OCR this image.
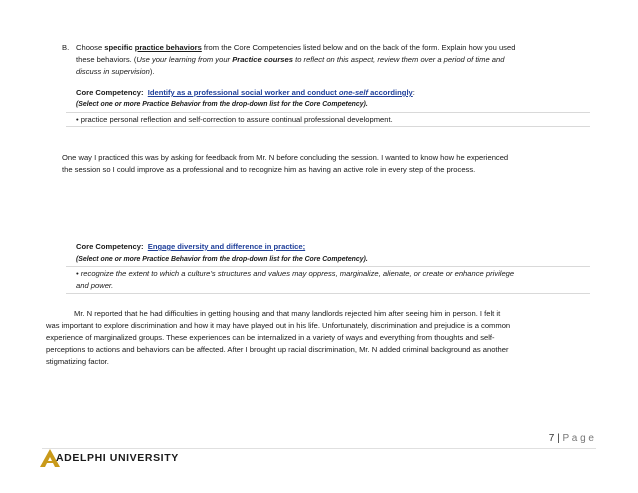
B. Choose specific practice behaviors from the Core Competencies listed below and on the back of the form. Explain how you used
these behaviors. (Use your learning from your Practice courses to reflect on this aspect, review them over a period of time and
discuss in supervision).
Core Competency: Identify as a professional social worker and conduct one-self accordingly:
(Select one or more Practice Behavior from the drop-down list for the Core Competency).
• practice personal reflection and self-correction to assure continual professional development.
One way I practiced this was by asking for feedback from Mr. N before concluding the session. I wanted to know how he experienced
the session so I could improve as a professional and to recognize him as having an active role in every step of the process.
Core Competency: Engage diversity and difference in practice;
(Select one or more Practice Behavior from the drop-down list for the Core Competency).
• recognize the extent to which a culture’s structures and values may oppress, marginalize, alienate, or create or enhance privilege
and power.
Mr. N reported that he had difficulties in getting housing and that many landlords rejected him after seeing him in person. I felt it
was important to explore discrimination and how it may have played out in his life. Unfortunately, discrimination and prejudice is a common
experience of marginalized groups. These experiences can be internalized in a variety of ways and everything from thoughts and self-
perceptions to actions and behaviors can be affected. After I brought up racial discrimination, Mr. N added criminal background as another
stigmatizing factor.
7 | P a g e
ADELPHI UNIVERSITY
